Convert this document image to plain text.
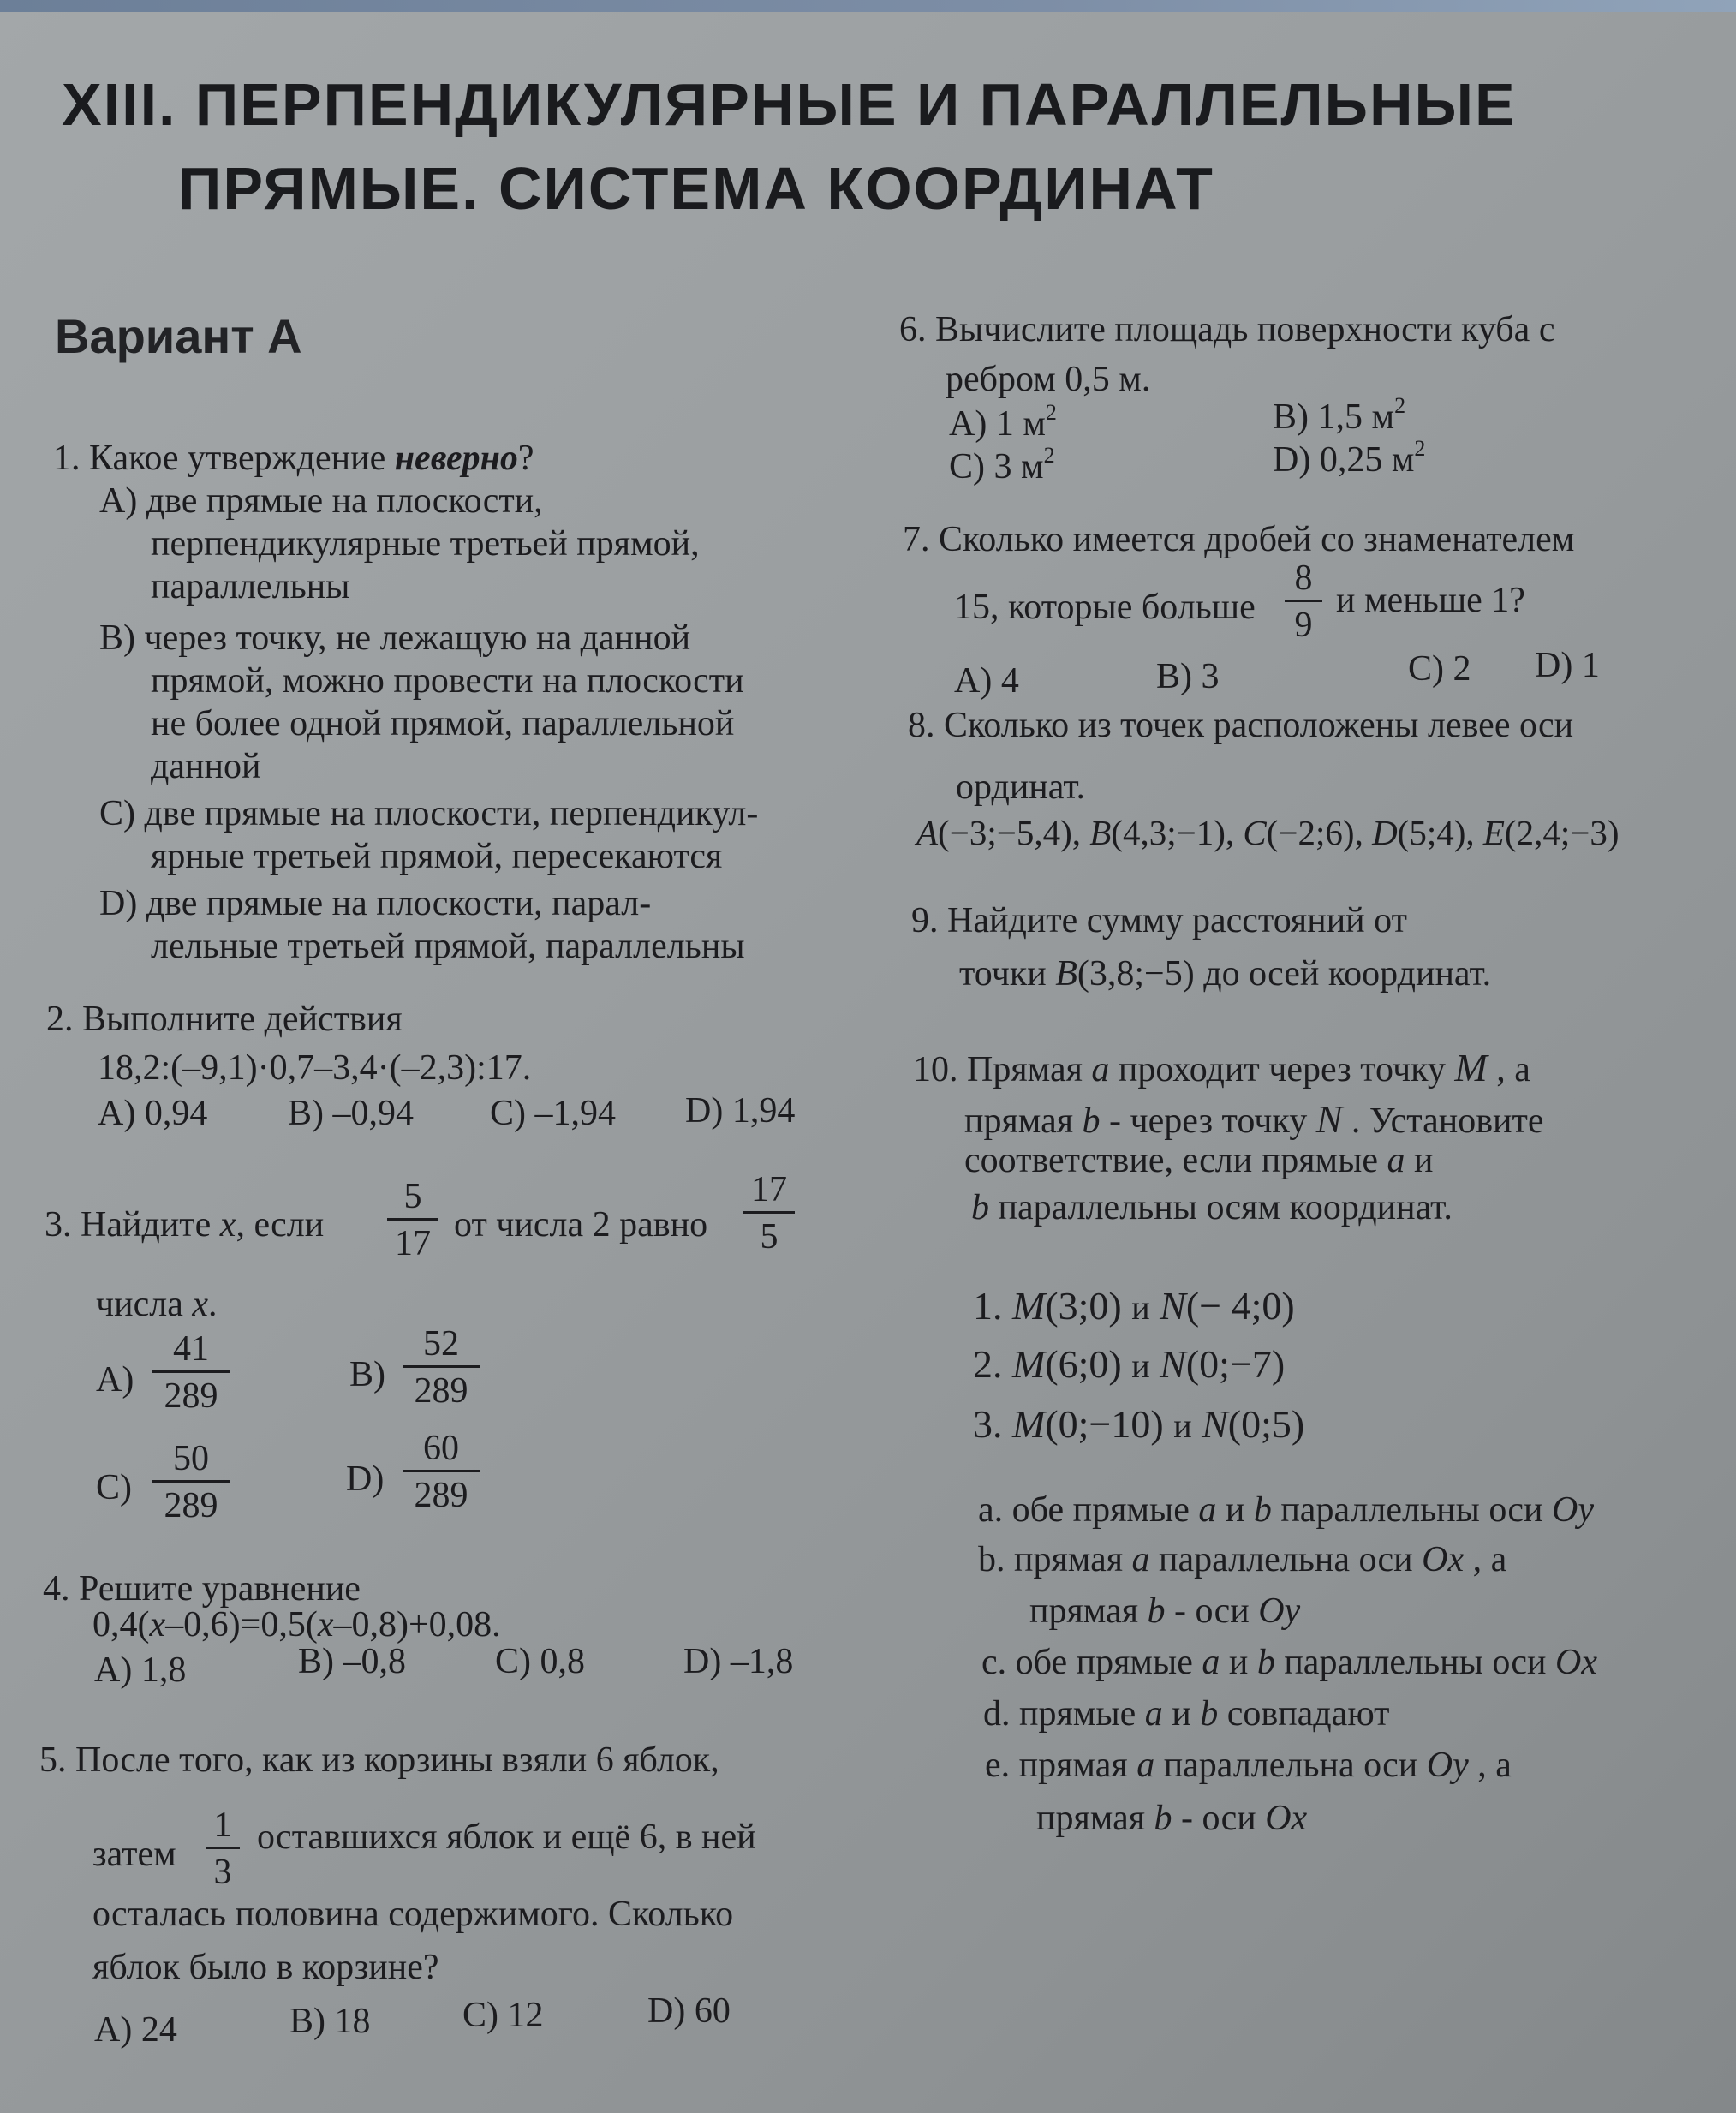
XIII. ПЕРПЕНДИКУЛЯРНЫЕ И ПАРАЛЛЕЛЬНЫЕ
ПРЯМЫЕ. СИСТЕМА КООРДИНАТ
Вариант А
1. Какое утверждение неверно?
А) две прямые на плоскости,
перпендикулярные третьей прямой,
параллельны
В) через точку, не лежащую на данной
прямой, можно провести на плоскости
не более одной прямой, параллельной
данной
С) две прямые на плоскости, перпендикул-
ярные третьей прямой, пересекаются
D) две прямые на плоскости, парал-
лельные третьей прямой, параллельны
2. Выполните действия
18,2:(–9,1)·0,7–3,4·(–2,3):17.
А) 0,94 В) –0,94 С) –1,94 D) 1,94
3. Найдите x, если
5
17 от числа 2 равно
17
5
числа x.
А)
41
289
В)
52
289
С)
50
289
D)
60
289
4. Решите уравнение
0,4(x–0,6)=0,5(x–0,8)+0,08.
А) 1,8	В) –0,8 С) 0,8	D) –1,8
5. После того, как из корзины взяли 6 яблок,
затем
1
3
оставшихся яблок и ещё 6, в ней
осталась половина содержимого. Сколько
яблок было в корзине?
А) 24	В) 18	С) 12	D) 60
6. Вычислите площадь поверхности куба с
ребром 0,5 м.
А) 1 $м^2$	В) 1,5 $м^2$
С) 3 $м^2$	D) 0,25 $м^2$
7. Сколько имеется дробей со знаменателем
15, которые больше
8
9
и меньше 1?
А) 4	В) 3	С) 2 D) 1
8. Сколько из точек расположены левее оси
ординат.
A(−3;−5,4), B(4,3;−1), C(−2;6), D(5;4), E(2,4;−3)
9. Найдите сумму расстояний от
точки B(3,8;−5) до осей координат.
10. Прямая a проходит через точку M , а
прямая b - через точку N . Установите
соответствие, если прямые a и
b параллельны осям координат.
1. M(3;0) и N(− 4;0)
2. M(6;0) и N(0;−7)
3. M(0;−10) и N(0;5)
a. обе прямые a и b параллельны оси Oy
b. прямая a параллельна оси Ox , а
прямая b - оси Oy
c. обе прямые a и b параллельны оси Ox
d. прямые a и b совпадают
e. прямая a параллельна оси Oy , а
прямая b - оси Ox
